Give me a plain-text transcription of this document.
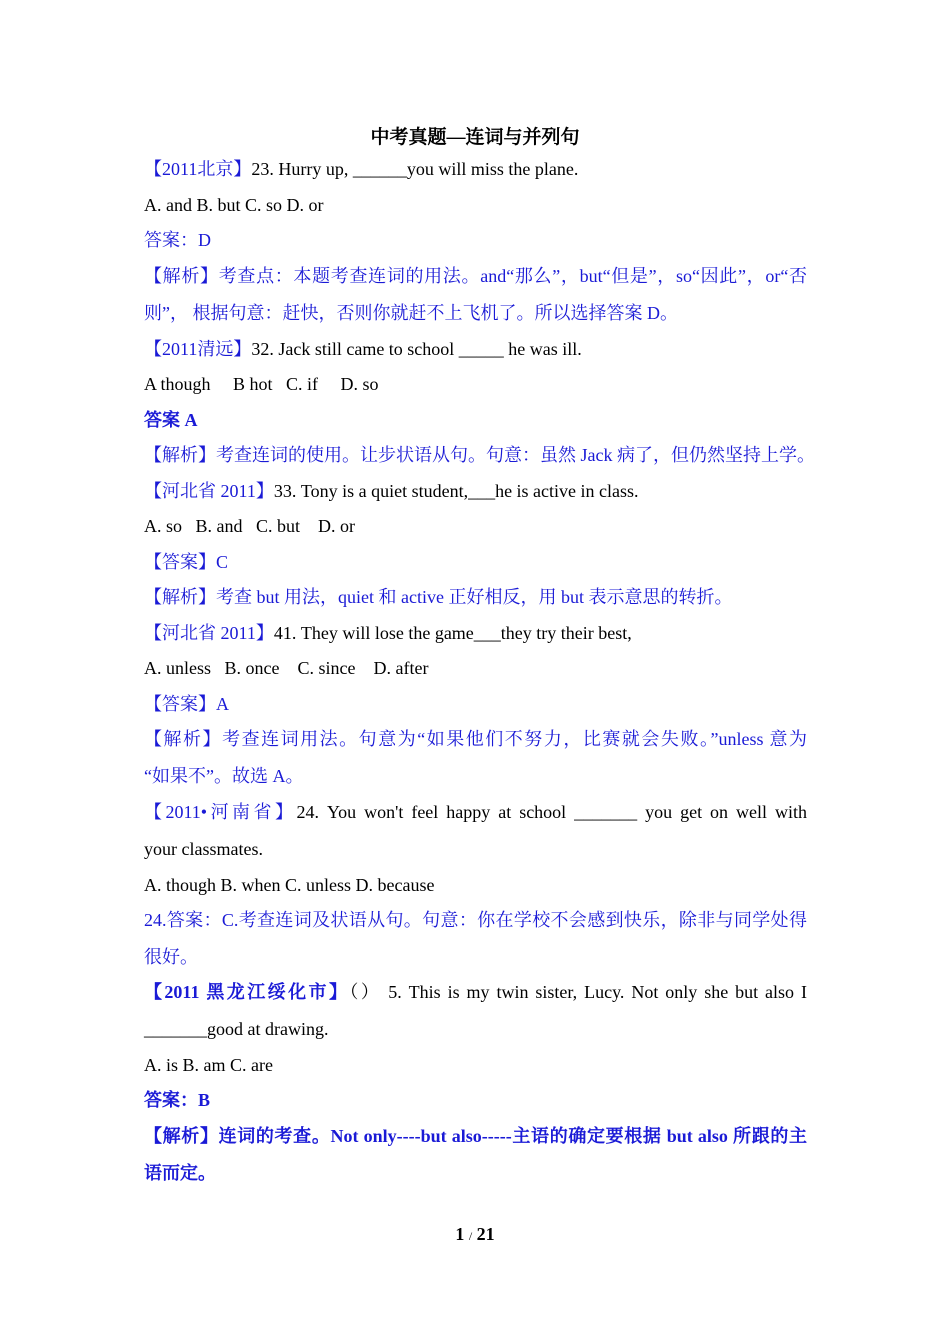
中考真题—连词与并列句
【2011北京】23. Hurry up, ______you will miss the plane.
A. and B. but C. so D. or
答案：D
【解析】考查点：本题考查连词的用法。and“那么”，but“但是”，so“因此”，or“否
则”， 根据句意：赶快，否则你就赶不上飞机了。所以选择答案 D。
【2011清远】32. Jack still came to school _____ he was ill.
A though     B hot   C. if     D. so
答案 A
【解析】考查连词的使用。让步状语从句。句意：虽然 Jack 病了，但仍然坚持上学。
【河北省 2011】33. Tony is a quiet student,___he is active in class.
A. so   B. and   C. but    D. or
【答案】C
【解析】考查 but 用法，quiet 和 active 正好相反，用 but 表示意思的转折。
【河北省 2011】41. They will lose the game___they try their best,
A. unless   B. once    C. since    D. after
【答案】A
【解析】考查连词用法。句意为“如果他们不努力，比赛就会失败。”unless 意为
“如果不”。故选 A。
【2011•河南省】24. You won't feel happy at school _______ you get on well with
your classmates.
A. though B. when C. unless D. because
24.答案：C.考查连词及状语从句。句意：你在学校不会感到快乐，除非与同学处得
很好。
【2011 黑龙江绥化市】（） 5. This is my twin sister, Lucy. Not only she but also I
_______good at drawing.
A. is B. am C. are
答案：B
【解析】连词的考查。Not only----but also-----主语的确定要根据 but also 所跟的主
语而定。
1 / 21
